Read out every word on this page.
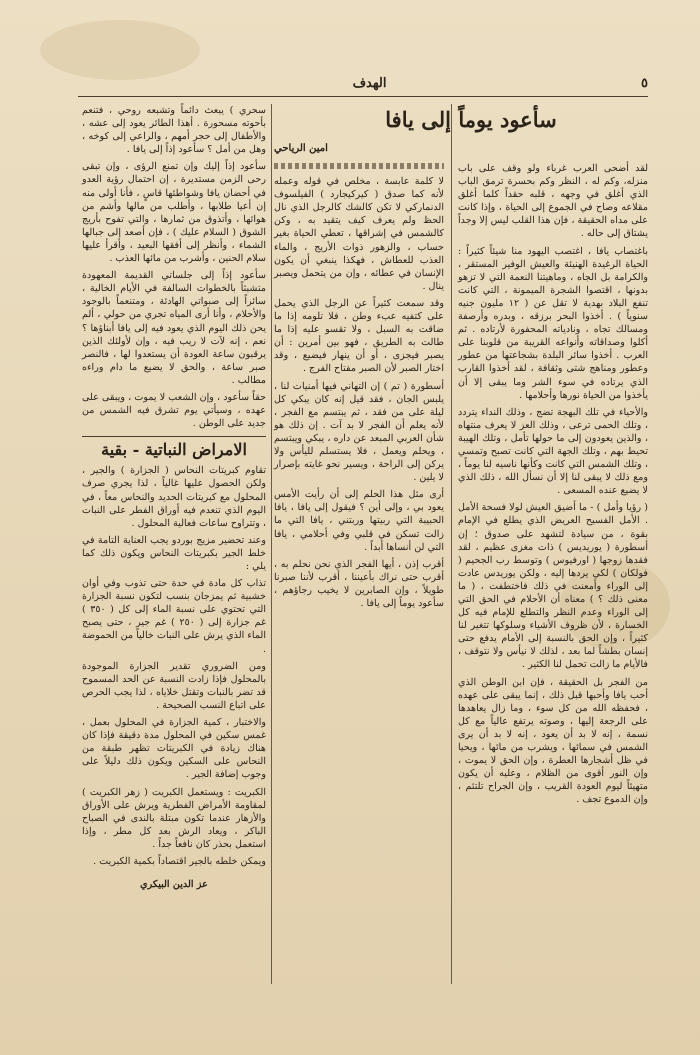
٥
الهدف
سأعود يوماً إلى يافا

لقد أضحى العرب غرباء ولو وقف على باب منزله، وكم له ، النظر وكم بحسرة ترمق الباب الذي أغلق في وجهه ، قلبه حقداً كلما أغلق مقلاعه وصاح في الجموع إلى الحياة ، وإذا كانت على مداه الحقيقة ، فإن هذا القلب ليس إلا وجداً يشتاق إلى حاله .

باغتصاب يافا ، اغتصب اليهود منا شيئاً كثيراً : الحياة الرغيدة الهنيئة والعيش الوفير المستقر ، والكرامة بل الجاه ، وماهيتنا النعمة التي لا تزهو بدونها ، اقتصوا الشجرة الميمونة ، التي كانت تنفع البلاد بهدية لا تقل عن ( ١٢ مليون جنيه سنوياً ) . أخذوا البحر برزقه ، وبدره وأرصفة ومسالك تجاه ، ونادياته المحفورة لأرتاده . ثم أكلوا وصداقاته وأنواعه القريبة من قلوبنا على العرب . أخذوا سائر البلدة بشجاعتها من عطور وعطور ومناهج شتى وثقافة ، لقد أخذوا القارب الذي يرتاده في سوء الشر وما يبقى إلا أن يأخذوا من الحياة نورها وأحلامها .

والأحياء في تلك البهجة تضج ، وذلك النداء يتردد ، وتلك الحمى ترعى ، وذلك العز لا يعرف منتهاه ، والذين يعودون إلى ما حولها تأمل ، وتلك الهيبة تحيط بهم ، وتلك الجهة التي كانت تصبح وتمسي ، وتلك الشمس التي كانت وكأنها ناسيه لنا يوماً ، ومع ذلك لا يبقى لنا إلا أن نسأل الله ، ذلك الذي لا يضيع عنده المسعى .

( رؤيا وأمل ) - ما أضيق العيش لولا فسحة الأمل . الأمل الفسيح العريض الذي يطلع في الإمام بقوة ، من سيادة لتشهد على صدوق ؛ إن أسطورة ( يوريديس ) ذات مغزى عظيم ، لقد فقدها زوجها ( اورفيوس ) وتوسط رب الجحيم ( فولكان ) لكي يردها إليه ، ولكن يوريدس عادت إلى الوراء وأمعنت في ذلك فاختطفت ، ( ما معنى ذلك ؟ ) معناه أن الأحلام في الحق التي إلى الوراء وعدم النظر والتطلع للإمام فيه كل الخسارة ، لأن ظروف الأشياء وسلوكها تتغير لنا كثيراً ، وإن الحق بالنسبة إلى الأمام يدفع حتى إنسان بطشاً لما بعد ، لذلك لا نيأس ولا نتوقف ، فالأيام ما زالت تحمل لنا الكثير .

من الفجر بل الحقيقة ، فإن ابن الوطن الذي أحب يافا وأحبها قبل ذلك ، إنما يبقى على عهده ، فحفظه الله من كل سوء ، وما زال يعاهدها على الرجعة إليها ، وصوته يرتفع عالياً مع كل نسمة ، إنه لا بد أن يعود ، إنه لا بد أن يرى الشمس في سمائها ، ويشرب من مائها ، ويحيا في ظل أشجارها العطرة ، وإن الحق لا يموت ، وإن النور أقوى من الظلام ، وعليه أن يكون متهيئاً ليوم العودة القريب ، وإن الجراح تلتئم ، وإن الدموع تجف .

امين الرياحي

لا كلمة عابسة ، مخلص في قوله وعمله لأنه كما صدق ( كيركيجارد ) الفيلسوف الدنماركي لا تكن كالشك كالرجل الذي نال الحظ ولم يعرف كيف يتقيد به ، وكن كالشمس في إشراقها ، تعطي الحياة بغير حساب ، والزهور ذوات الأريج ، والماء العذب للعطاش ، فهكذا ينبغي أن يكون الإنسان في عطائه ، وإن من يتحمل ويصبر ينال .

وقد سمعت كثيراً عن الرجل الذي يحمل على كتفيه عبء وطن ، فلا تلومه إذا ما ضاقت به السبل ، ولا تقسو عليه إذا ما طالت به الطريق ، فهو بين أمرين : أن يصبر فيجزى ، أو أن ينهار فيضيع ، وقد اختار الصبر لأن الصبر مفتاح الفرج .

أسطورة ( تم ) إن التهاني فيها أمنيات لنا ، يلبس الجان ، فقد قيل إنه كان يبكي كل ليلة على من فقد ، ثم يبتسم مع الفجر ، لأنه يعلم أن الفجر لا بد آت . إن ذلك هو شأن العربي المبعد عن داره ، يبكي ويبتسم ، ويحلم ويعمل ، فلا يستسلم لليأس ولا يركن إلى الراحة ، ويسير نحو غايته بإصرار لا يلين .

أرى مثل هذا الحلم إلى أن رأيت الأمس يعود بي ، وإلى أين ؟ فيقول إلى يافا ، يافا الحبيبة التي ربيتها وربتني ، يافا التي ما زالت تسكن في قلبي وفي أحلامي ، يافا التي لن أنساها أبداً .

أقرب إذن ، أيها الفجر الذي نحن نحلم به ، أقرب حتى نراك بأعيننا ، أقرب لأننا صبرنا طويلاً ، وإن الصابرين لا يخيب رجاؤهم ، سأعود يوماً إلى يافا .

سحري ) يبعث دائماً وتشبعه روحي ، فتنعم بأحوته مسحورة . أهذا الطائر يعود إلى عشه ، والأطفال إلى حجر أمهم ، والراعي إلى كوخه ، وهل من أمل ؟ سأعود إذاً إلى يافا .

سأعود إذاً إليك وإن تمنع الرؤى ، وإن تبقى رحى الزمن مستديرة ، إن احتمال رؤية العدو في أحضان يافا وشواطئها قاسٍ ، فأنا أولى منه إن أعيا طلابها ، وأطلب من مالها وأشم من هوائها ، وأتذوق من ثمارها ، والتي تفوح بأريج الشوق ( السلام عليك ) ، فإن أصعد إلى جبالها الشماء ، وأنظر إلى أفقها البعيد ، وأقرأ عليها سلام الحنين ، وأشرب من مائها العذب .

سأعود إذاً إلى جلساتي القديمة المعهودة متشبثاً بالخطوات السالفة في الأيام الخالية ، سائراً إلى صبواتي الهادئة ، ومتنعماً بالوجود والأحلام ، وأنا أرى المياه تجري من حولي ، ألم يحن ذلك اليوم الذي يعود فيه إلى يافا أبناؤها ؟ نعم ، إنه لآت لا ريب فيه ، وإن لأولئك الذين يرقبون ساعة العودة أن يستعدوا لها ، فالنصر صبر ساعة ، والحق لا يضيع ما دام وراءه مطالب .

حقاً سأعود ، وإن الشعب لا يموت ، ويبقى على عهده ، وسيأتي يوم تشرق فيه الشمس من جديد على الوطن .

الامراض النباتية - بقية

تقاوم كبريتات النحاس ( الجزارة ) والجير ، ولكن الحصول عليها غالياً ، لذا يجري صرف المحلول مع كبريتات الحديد والنحاس معاً ، في اليوم الذي تنعدم فيه أوراق الفطر على النبات ، وتتراوح ساعات فعالية المحلول .

وعند تحضير مزيج بوردو يجب العناية التامة في خلط الجير بكبريتات النحاس ويكون ذلك كما يلي :

تذاب كل مادة في حدة حتى تذوب وفي أوان خشبية ثم يمزجان بنسب لتكون نسبة الجزارة التي تحتوي على نسبة الماء إلى كل ( ٣٥٠ ) غم جزارة إلى ( ٢٥٠ ) غم جير ، حتى يصبح الماء الذي يرش على النبات خالياً من الحموضة .

ومن الضروري تقدير الجزارة الموجودة بالمحلول فإذا زادت النسبة عن الحد المسموح قد تضر بالنبات وتقتل خلاياه ، لذا يجب الحرص على اتباع النسب الصحيحة .

والاختبار ، كمية الجزارة في المحلول بعمل ، غمس سكين في المحلول مدة دقيقة فإذا كان هناك زيادة في الكبريتات تظهر طبقة من النحاس على السكين ويكون ذلك دليلاً على وجوب إضافة الجير .

الكبريت : ويستعمل الكبريت ( زهر الكبريت ) لمقاومة الأمراض الفطرية ويرش على الأوراق والأزهار عندما تكون مبتلة بالندى في الصباح الباكر ، ويعاد الرش بعد كل مطر ، وإذا استعمل بحذر كان نافعاً جداً .

ويمكن خلطه بالجير اقتصاداً بكمية الكبريت .

عز الدين البيكري
